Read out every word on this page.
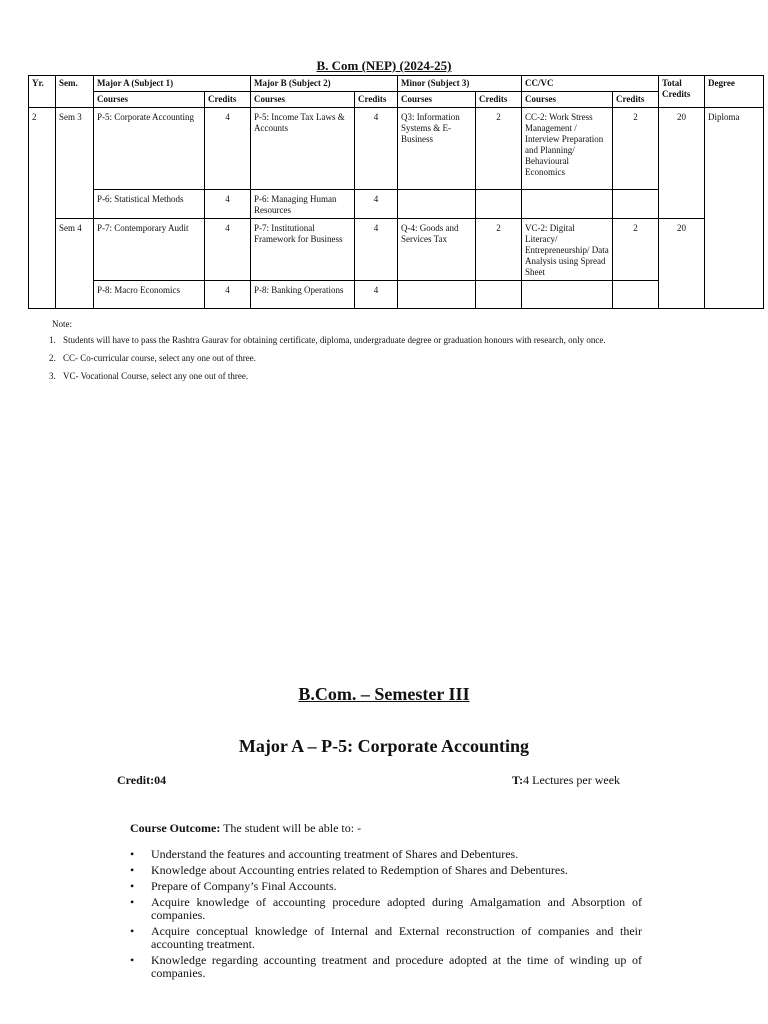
B. Com (NEP) (2024-25)
Yr.	Sem.	Major A (Subject 1)		Major B (Subject 2)		Minor (Subject 3)		CC/VC		Total Credits	Degree
		Courses	Credits	Courses	Credits	Courses	Credits	Courses	Credits		
2	Sem 3	P-5: Corporate Accounting	4	P-5: Income Tax Laws & Accounts	4	Q3: Information Systems & E-Business	2	CC-2: Work Stress Management / Interview Preparation and Planning/ Behavioural Economics	2	20	Diploma
		P-6: Statistical Methods	4	P-6: Managing Human Resources	4						
	Sem 4	P-7: Contemporary Audit	4	P-7: Institutional Framework for Business	4	Q-4: Goods and Services Tax	2	VC-2: Digital Literacy/ Entrepreneurship/ Data Analysis using Spread Sheet	2	20	
		P-8: Macro Economics	4	P-8: Banking Operations	4						
Note:
1. Students will have to pass the Rashtra Gaurav for obtaining certificate, diploma, undergraduate degree or graduation honours with research, only once.
2. CC- Co-curricular course, select any one out of three.
3. VC- Vocational Course, select any one out of three.
B.Com. – Semester III
Major A – P-5: Corporate Accounting
Credit:04	T:4 Lectures per week
Course Outcome: The student will be able to: -
• Understand the features and accounting treatment of Shares and Debentures.
• Knowledge about Accounting entries related to Redemption of Shares and Debentures.
• Prepare of Company’s Final Accounts.
• Acquire knowledge of accounting procedure adopted during Amalgamation and Absorption of companies.
• Acquire conceptual knowledge of Internal and External reconstruction of companies and their accounting treatment.
• Knowledge regarding accounting treatment and procedure adopted at the time of winding up of companies.
